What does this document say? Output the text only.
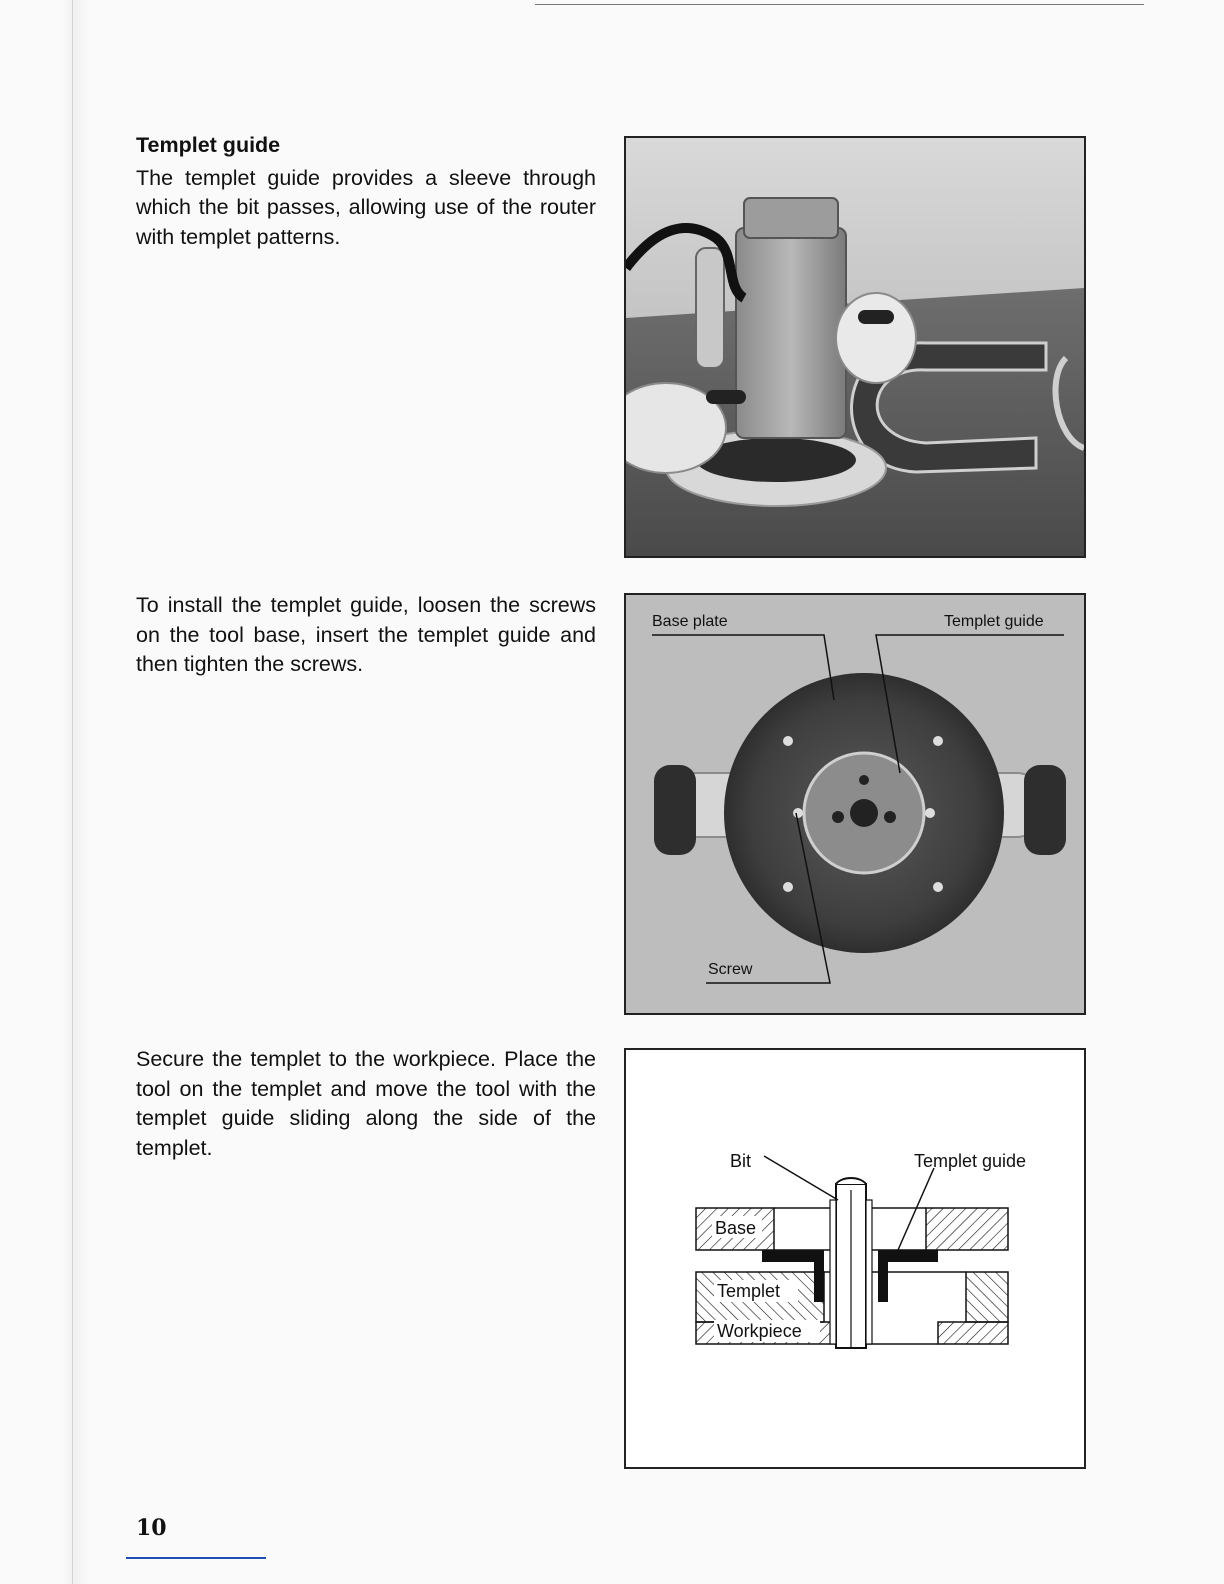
Templet guide
The templet guide provides a sleeve through which the bit passes, allowing use of the router with templet patterns.
To install the templet guide, loosen the screws on the tool base, insert the templet guide and then tighten the screws.
Base plate	Templet guide
Screw
Secure the templet to the workpiece. Place the tool on the templet and move the tool with the templet guide sliding along the side of the templet.
Bit	Templet guide
Base
Templet
Workpiece
10
